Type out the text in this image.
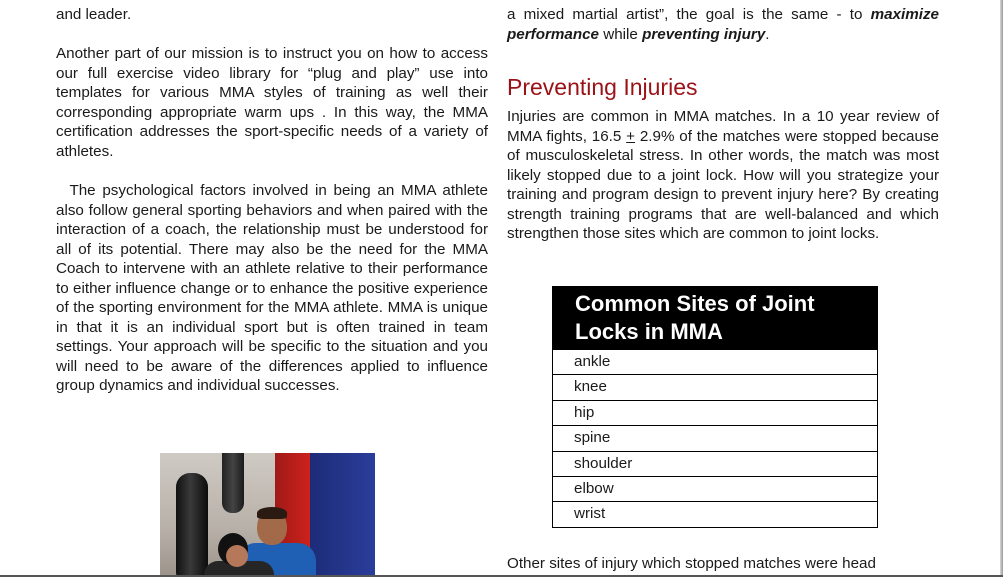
and leader.

Another part of our mission is to instruct you on how to access our full exercise video library for “plug and play” use into templates for various MMA styles of training as well their corresponding appropriate warm ups . In this way, the MMA certification addresses the sport-specific needs of a variety of athletes.

The psychological factors involved in being an MMA athlete also follow general sporting behaviors and when paired with the interaction of a coach, the relationship must be understood for all of its potential. There may also be the need for the MMA Coach to intervene with an athlete relative to their performance to either influence change or to enhance the positive experience of the sporting environment for the MMA athlete. MMA is unique in that it is an individual sport but is often trained in team settings. Your approach will be specific to the situation and you will need to be aware of the differences applied to influence group dynamics and individual successes.

a mixed martial artist”, the goal is the same - to maximize performance while preventing injury.

Preventing Injuries

Injuries are common in MMA matches. In a 10 year review of MMA fights, 16.5 + 2.9% of the matches were stopped because of musculoskeletal stress. In other words, the match was most likely stopped due to a joint lock. How will you strategize your training and program design to prevent injury here? By creating strength training programs that are well-balanced and which strengthen those sites which are common to joint locks.

Common Sites of Joint Locks in MMA
ankle
knee
hip
spine
shoulder
elbow
wrist

Other sites of injury which stopped matches were head
